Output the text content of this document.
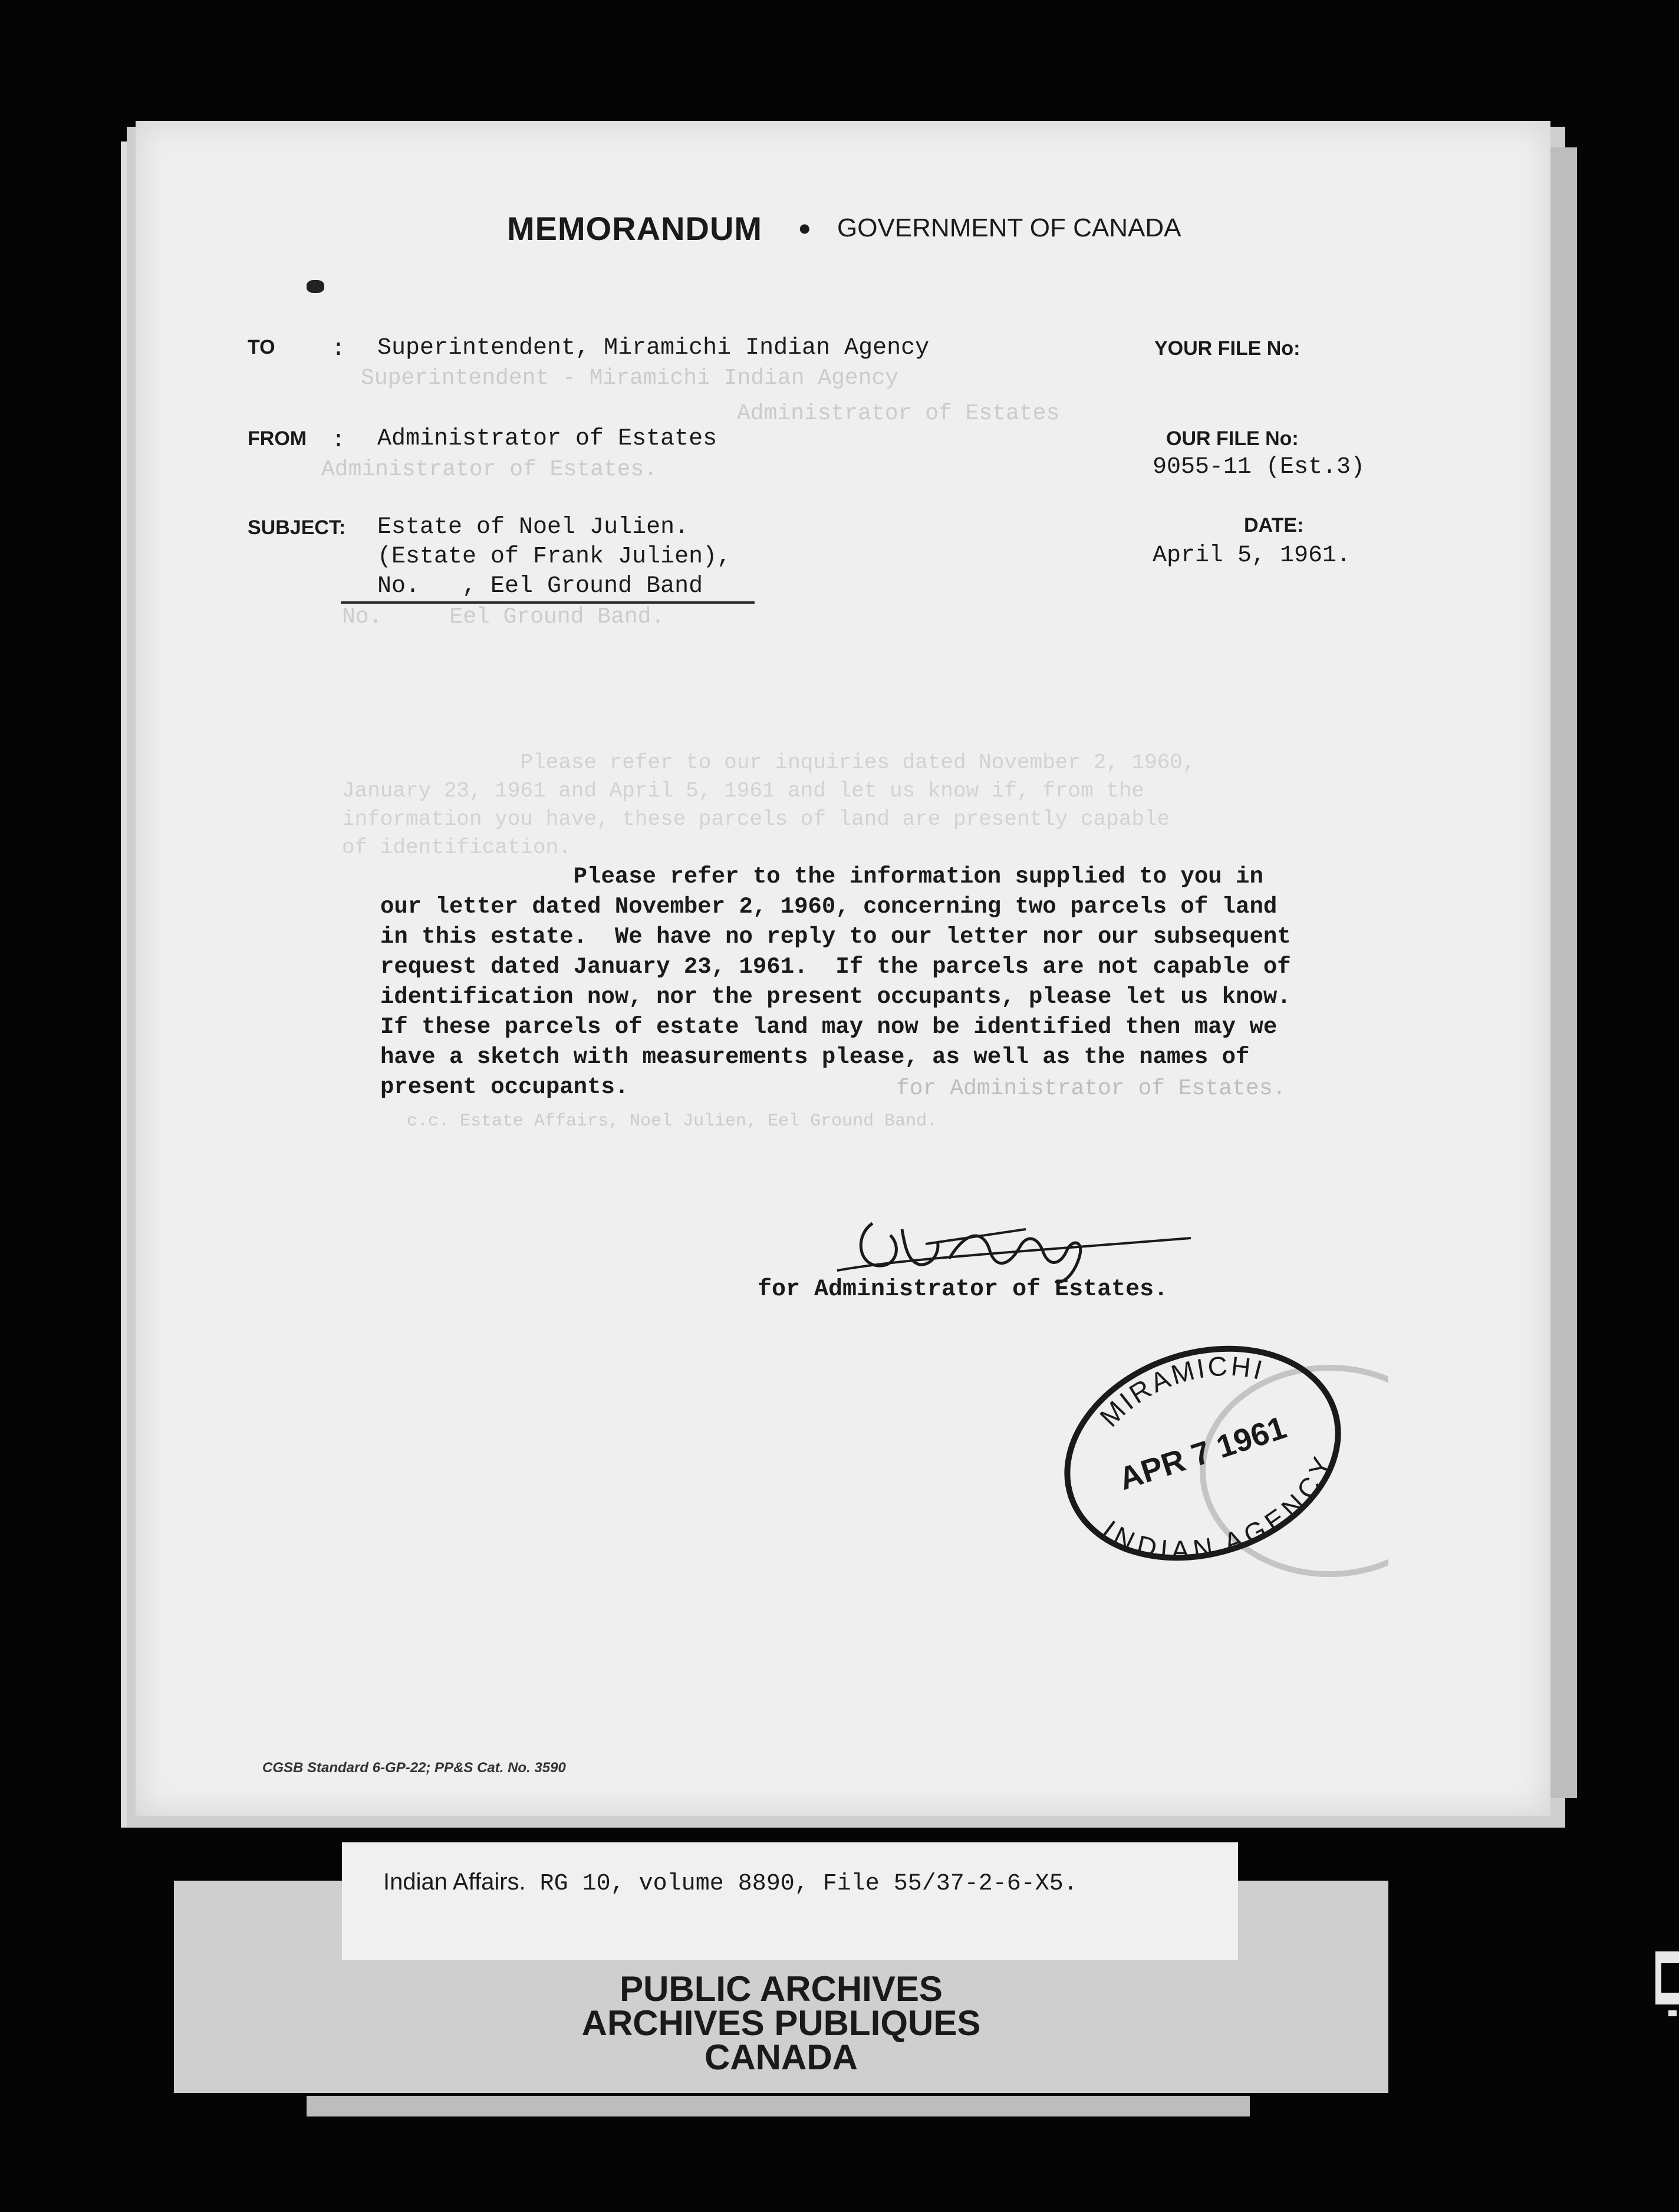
Superintendent - Miramichi Indian Agency
Administrator of Estates
Administrator of Estates.
No.     Eel Ground Band.
Please refer to our inquiries dated November 2, 1960,
January 23, 1961 and April 5, 1961 and let us know if, from the
information you have, these parcels of land are presently capable
of identification.
for Administrator of Estates.
c.c. Estate Affairs, Noel Julien, Eel Ground Band.
MEMORANDUM • GOVERNMENT OF CANADA
TO : Superintendent, Miramichi Indian Agency	YOUR FILE No:
FROM : Administrator of Estates	OUR FILE No:
9055-11 (Est.3)
SUBJECT: Estate of Noel Julien.
(Estate of Frank Julien),
No.   , Eel Ground Band
DATE:
April 5, 1961.
Please refer to the information supplied to you in
our letter dated November 2, 1960, concerning two parcels of land
in this estate.  We have no reply to our letter nor our subsequent
request dated January 23, 1961.  If the parcels are not capable of
identification now, nor the present occupants, please let us know.
If these parcels of estate land may now be identified then may we
have a sketch with measurements please, as well as the names of
present occupants.
for Administrator of Estates.
MIRAMICHI
APR 7 1961
INDIAN AGENCY
CGSB Standard 6-GP-22; PP&S Cat. No. 3590
Indian Affairs. RG 10, volume 8890, File 55/37-2-6-X5.
PUBLIC ARCHIVES
ARCHIVES PUBLIQUES
CANADA
